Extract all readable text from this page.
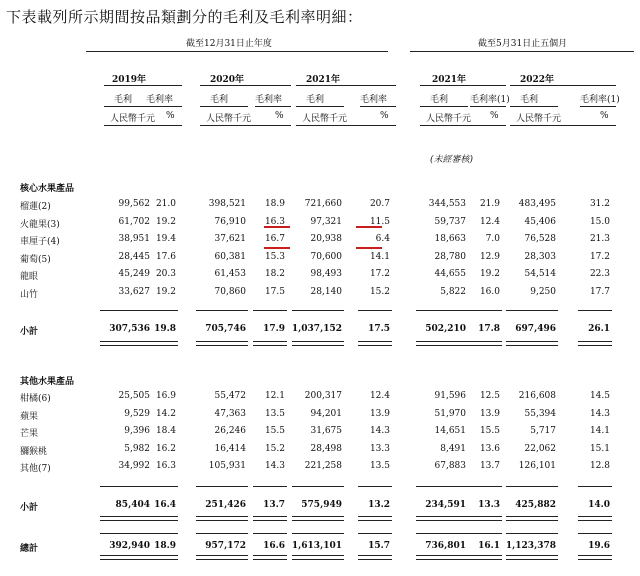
下表載列所示期間按品類劃分的毛利及毛利率明細：
截至12月31日止年度	截至5月31日止五個月
2019年	2020年	2021年	2021年	2022年
毛利 毛利率
人民幣千元 %
毛利	毛利率
人民幣千元	%
毛利	毛利率
人民幣千元	%
毛利 毛利率(1)
人民幣千元 %
毛利	毛利率(1)
人民幣千元	%
核心水果產品
榴蓮(2)	99,562 21.0	398,521 18.9 721,660	20.7	344,553 21.9 483,495	31.2
火龍果(3)	61,702 19.2	76,910 16.3	97,321	11.5	59,737 12.4	45,406	15.0
車厘子(4)	38,951 19.4	37,621 16.7	20,938	6.4	18,663 7.0	76,528	21.3
葡萄(5)	28,445 17.6	60,381 15.3	70,600	14.1	28,780 12.9	28,303	17.2
龍眼	45,249 20.3	61,453 18.2	98,493	17.2	44,655 19.2	54,514	22.3
山竹	33,627 19.2	70,860 17.5	28,140	15.2	5,822 16.0	9,250	17.7
小計	307,536 19.8	705,746 17.9 1,037,152	17.5	502,210 17.8 697,496	26.1
其他水果產品
柑橘(6)	25,505 16.9	55,472 12.1 200,317	12.4	91,596 12.5 216,608	14.5
蘋果	9,529 14.2	47,363 13.5	94,201	13.9	51,970 13.9	55,394	14.3
芒果	9,396 18.4	26,246 15.5	31,675	14.3	14,651 15.5	5,717	14.1
獼猴桃	5,982 16.2	16,414 15.2	28,498	13.3	8,491 13.6	22,062	15.1
其他(7)	34,992 16.3	105,931 14.3 221,258	13.5	67,883 13.7 126,101	12.8
小計	85,404 16.4	251,426 13.7 575,949	13.2	234,591 13.3 425,882	14.0
總計	392,940 18.9	957,172 16.6 1,613,101	15.7	736,801 16.1 1,123,378	19.6
(未經審核)
